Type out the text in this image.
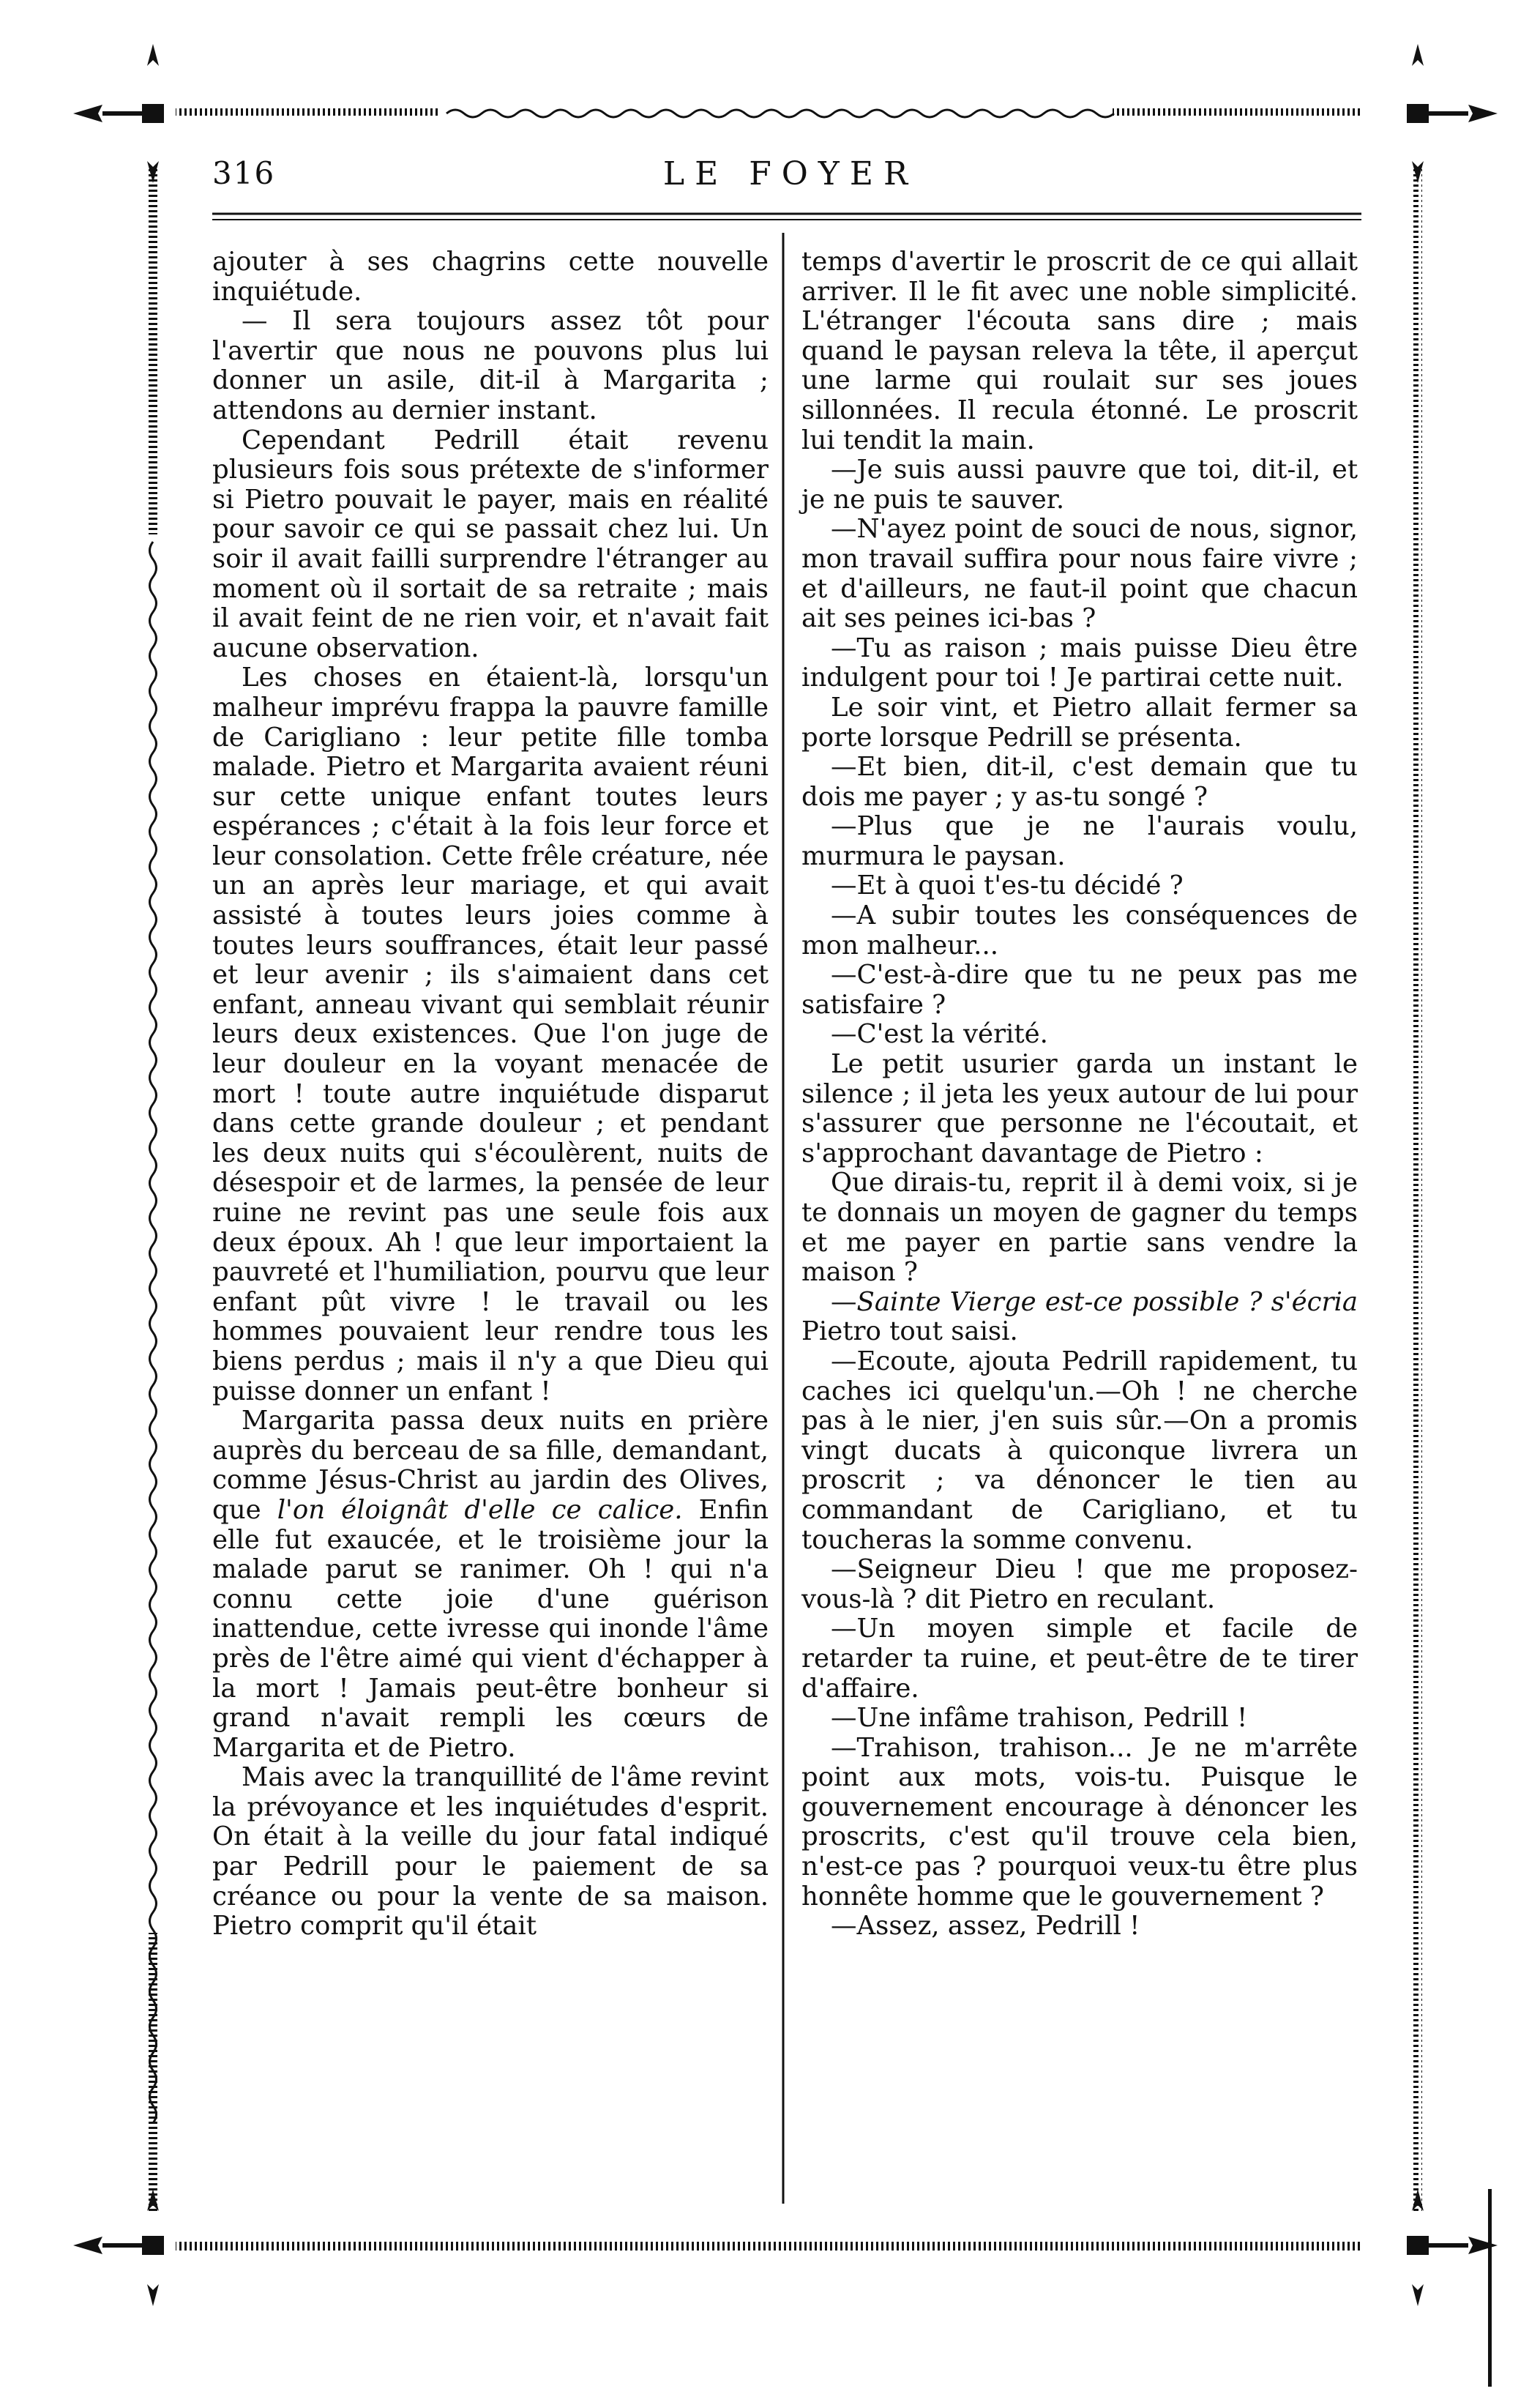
316	LE FOYER

ajouter à ses chagrins cette nouvelle inquiétude.

— Il sera toujours assez tôt pour l'avertir que nous ne pouvons plus lui donner un asile, dit-il à Margarita ; attendons au dernier instant.

Cependant Pedrill était revenu plusieurs fois sous prétexte de s'informer si Pietro pouvait le payer, mais en réalité pour savoir ce qui se passait chez lui. Un soir il avait failli surprendre l'étranger au moment où il sortait de sa retraite ; mais il avait feint de ne rien voir, et n'avait fait aucune observation.

Les choses en étaient-là, lorsqu'un malheur imprévu frappa la pauvre famille de Carigliano : leur petite fille tomba malade. Pietro et Margarita avaient réuni sur cette unique enfant toutes leurs espérances ; c'était à la fois leur force et leur consolation. Cette frêle créature, née un an après leur mariage, et qui avait assisté à toutes leurs joies comme à toutes leurs souffrances, était leur passé et leur avenir ; ils s'aimaient dans cet enfant, anneau vivant qui semblait réunir leurs deux existences. Que l'on juge de leur douleur en la voyant menacée de mort ! toute autre inquiétude disparut dans cette grande douleur ; et pendant les deux nuits qui s'écoulèrent, nuits de désespoir et de larmes, la pensée de leur ruine ne revint pas une seule fois aux deux époux. Ah ! que leur importaient la pauvreté et l'humiliation, pourvu que leur enfant pût vivre ! le travail ou les hommes pouvaient leur rendre tous les biens perdus ; mais il n'y a que Dieu qui puisse donner un enfant !

Margarita passa deux nuits en prière auprès du berceau de sa fille, demandant, comme Jésus-Christ au jardin des Olives, que l'on éloignât d'elle ce calice. Enfin elle fut exaucée, et le troisième jour la malade parut se ranimer. Oh ! qui n'a connu cette joie d'une guérison inattendue, cette ivresse qui inonde l'âme près de l'être aimé qui vient d'échapper à la mort ! Jamais peut-être bonheur si grand n'avait rempli les cœurs de Margarita et de Pietro.

Mais avec la tranquillité de l'âme revint la prévoyance et les inquiétudes d'esprit. On était à la veille du jour fatal indiqué par Pedrill pour le paiement de sa créance ou pour la vente de sa maison. Pietro comprit qu'il était

temps d'avertir le proscrit de ce qui allait arriver. Il le fit avec une noble simplicité. L'étranger l'écouta sans dire ; mais quand le paysan releva la tête, il aperçut une larme qui roulait sur ses joues sillonnées. Il recula étonné. Le proscrit lui tendit la main.

—Je suis aussi pauvre que toi, dit-il, et je ne puis te sauver.

—N'ayez point de souci de nous, signor, mon travail suffira pour nous faire vivre ; et d'ailleurs, ne faut-il point que chacun ait ses peines ici-bas ?

—Tu as raison ; mais puisse Dieu être indulgent pour toi ! Je partirai cette nuit.

Le soir vint, et Pietro allait fermer sa porte lorsque Pedrill se présenta.

—Et bien, dit-il, c'est demain que tu dois me payer ; y as-tu songé ?

—Plus que je ne l'aurais voulu, murmura le paysan.

—Et à quoi t'es-tu décidé ?

—A subir toutes les conséquences de mon malheur...

—C'est-à-dire que tu ne peux pas me satisfaire ?

—C'est la vérité.

Le petit usurier garda un instant le silence ; il jeta les yeux autour de lui pour s'assurer que personne ne l'écoutait, et s'approchant davantage de Pietro :

Que dirais-tu, reprit il à demi voix, si je te donnais un moyen de gagner du temps et me payer en partie sans vendre la maison ?

—Sainte Vierge est-ce possible ? s'écria Pietro tout saisi.

—Ecoute, ajouta Pedrill rapidement, tu caches ici quelqu'un.—Oh ! ne cherche pas à le nier, j'en suis sûr.—On a promis vingt ducats à quiconque livrera un proscrit ; va dénoncer le tien au commandant de Carigliano, et tu toucheras la somme convenu.

—Seigneur Dieu ! que me proposez-vous-là ? dit Pietro en reculant.

—Un moyen simple et facile de retarder ta ruine, et peut-être de te tirer d'affaire.

—Une infâme trahison, Pedrill !

—Trahison, trahison... Je ne m'arrête point aux mots, vois-tu. Puisque le gouvernement encourage à dénoncer les proscrits, c'est qu'il trouve cela bien, n'est-ce pas ? pourquoi veux-tu être plus honnête homme que le gouvernement ?

—Assez, assez, Pedrill !
